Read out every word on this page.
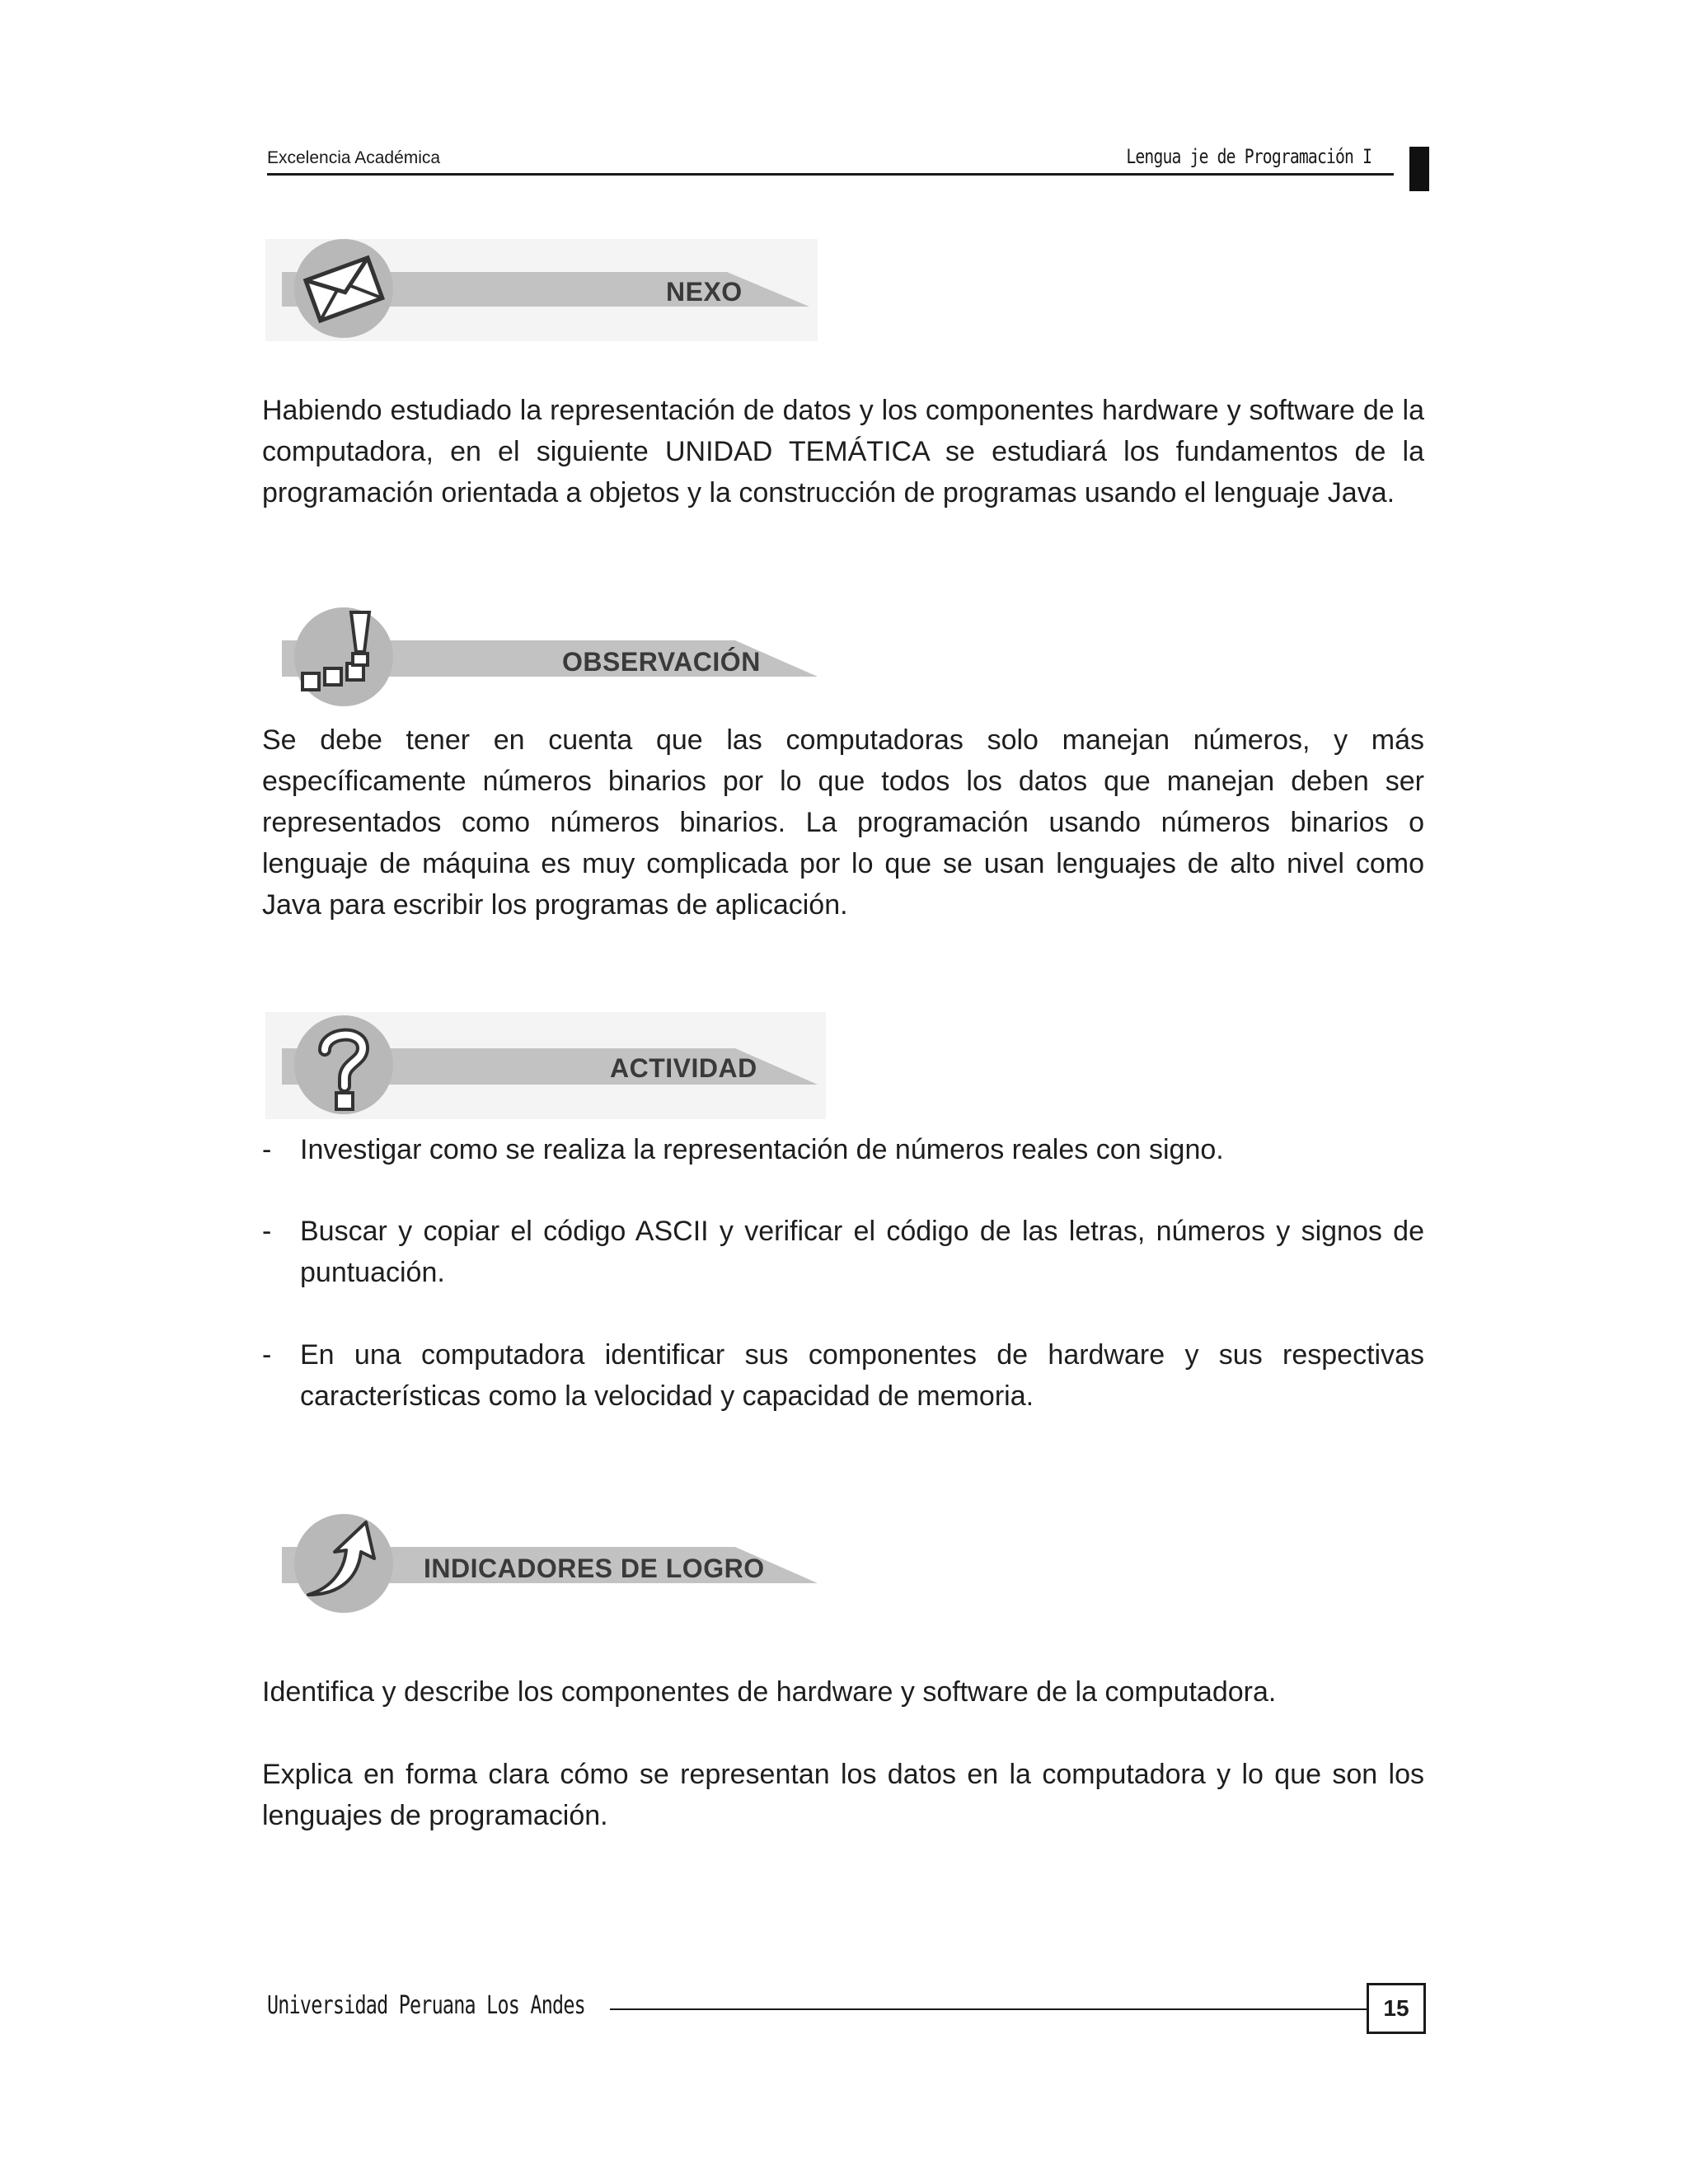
Excelencia Académica	Lengua je de Programación I
NEXO
Habiendo estudiado la representación de datos y los componentes hardware y software de la computadora, en el siguiente UNIDAD TEMÁTICA se estudiará los fundamentos de la programación orientada a objetos y la construcción de programas usando el lenguaje Java.
OBSERVACIÓN
Se debe tener en cuenta que las computadoras solo manejan números, y más específicamente números binarios por lo que todos los datos que manejan deben ser representados como números binarios. La programación usando números binarios o lenguaje de máquina es muy complicada por lo que se usan lenguajes de alto nivel como Java para escribir los programas de aplicación.
ACTIVIDAD
- Investigar como se realiza la representación de números reales con signo.
- Buscar y copiar el código ASCII y verificar el código de las letras, números y signos de puntuación.
- En una computadora identificar sus componentes de hardware y sus respectivas características como la velocidad y capacidad de memoria.
INDICADORES DE LOGRO
Identifica y describe los componentes de hardware y software de la computadora.
Explica en forma clara cómo se representan los datos en la computadora y lo que son los lenguajes de programación.
Universidad Peruana Los Andes	15
